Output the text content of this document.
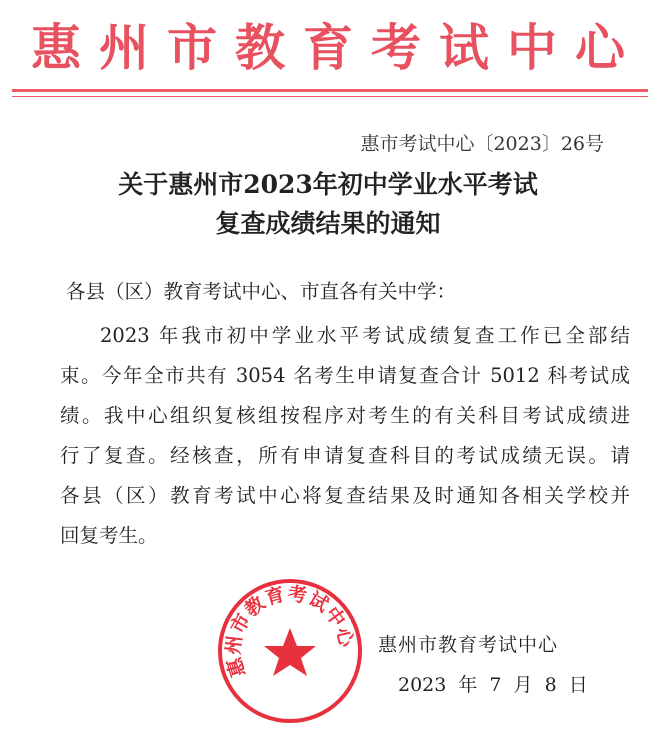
惠州市教育考试中心
惠市考试中心〔2023〕26号
关于惠州市2023年初中学业水平考试
复查成绩结果的通知
各县（区）教育考试中心、市直各有关中学：
2023 年我市初中学业水平考试成绩复查工作已全部结
束。今年全市共有 3054 名考生申请复查合计 5012 科考试成
绩。我中心组织复核组按程序对考生的有关科目考试成绩进
行了复查。经核查，所有申请复查科目的考试成绩无误。请
各县（区）教育考试中心将复查结果及时通知各相关学校并
回复考生。
惠州市教育考试中心 惠州市教育考试中心
2023 年 7 月 8 日
